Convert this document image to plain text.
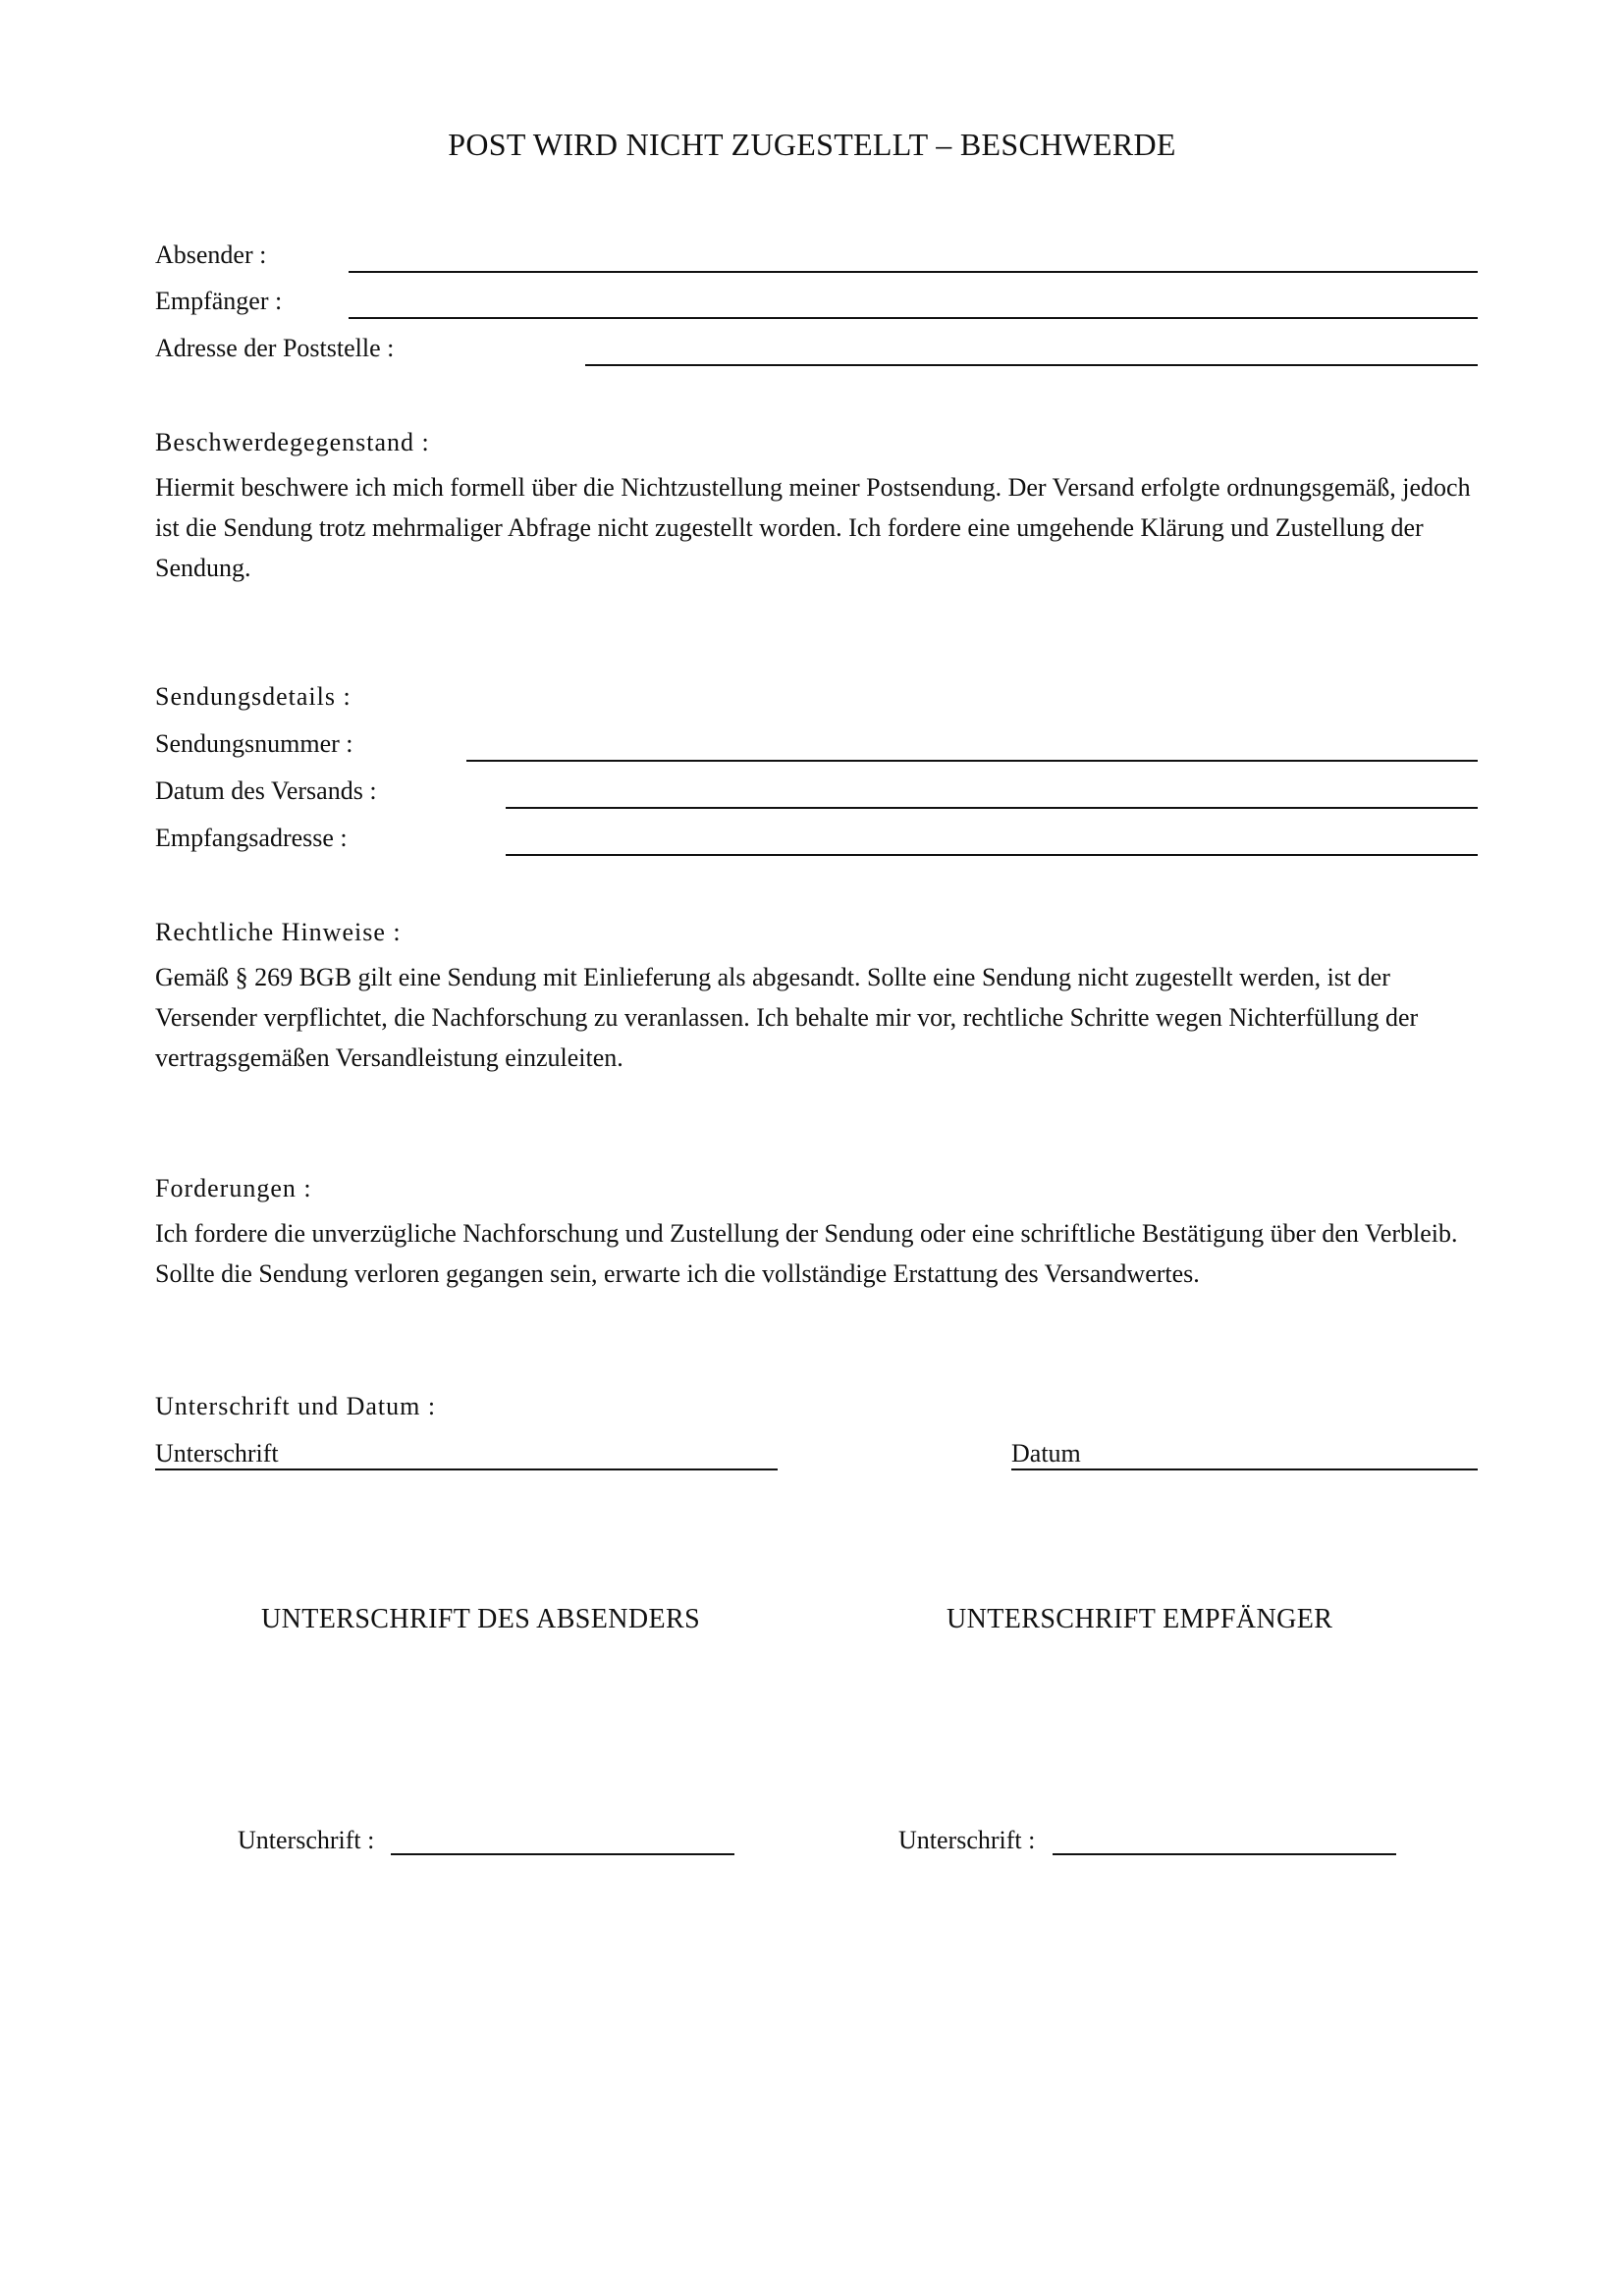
POST WIRD NICHT ZUGESTELLT – BESCHWERDE
Absender :
Empfänger :
Adresse der Poststelle :
Beschwerdegegenstand :
Hiermit beschwere ich mich formell über die Nichtzustellung meiner Postsendung. Der Versand erfolgte ordnungsgemäß, jedoch ist die Sendung trotz mehrmaliger Abfrage nicht zugestellt worden. Ich fordere eine umgehende Klärung und Zustellung der Sendung.
Sendungsdetails :
Sendungsnummer :
Datum des Versands :
Empfangsadresse :
Rechtliche Hinweise :
Gemäß § 269 BGB gilt eine Sendung mit Einlieferung als abgesandt. Sollte eine Sendung nicht zugestellt werden, ist der Versender verpflichtet, die Nachforschung zu veranlassen. Ich behalte mir vor, rechtliche Schritte wegen Nichterfüllung der vertragsgemäßen Versandleistung einzuleiten.
Forderungen :
Ich fordere die unverzügliche Nachforschung und Zustellung der Sendung oder eine schriftliche Bestätigung über den Verbleib. Sollte die Sendung verloren gegangen sein, erwarte ich die vollständige Erstattung des Versandwertes.
Unterschrift und Datum :
Unterschrift	Datum
UNTERSCHRIFT DES ABSENDERS	UNTERSCHRIFT EMPFÄNGER
Unterschrift :	Unterschrift :
